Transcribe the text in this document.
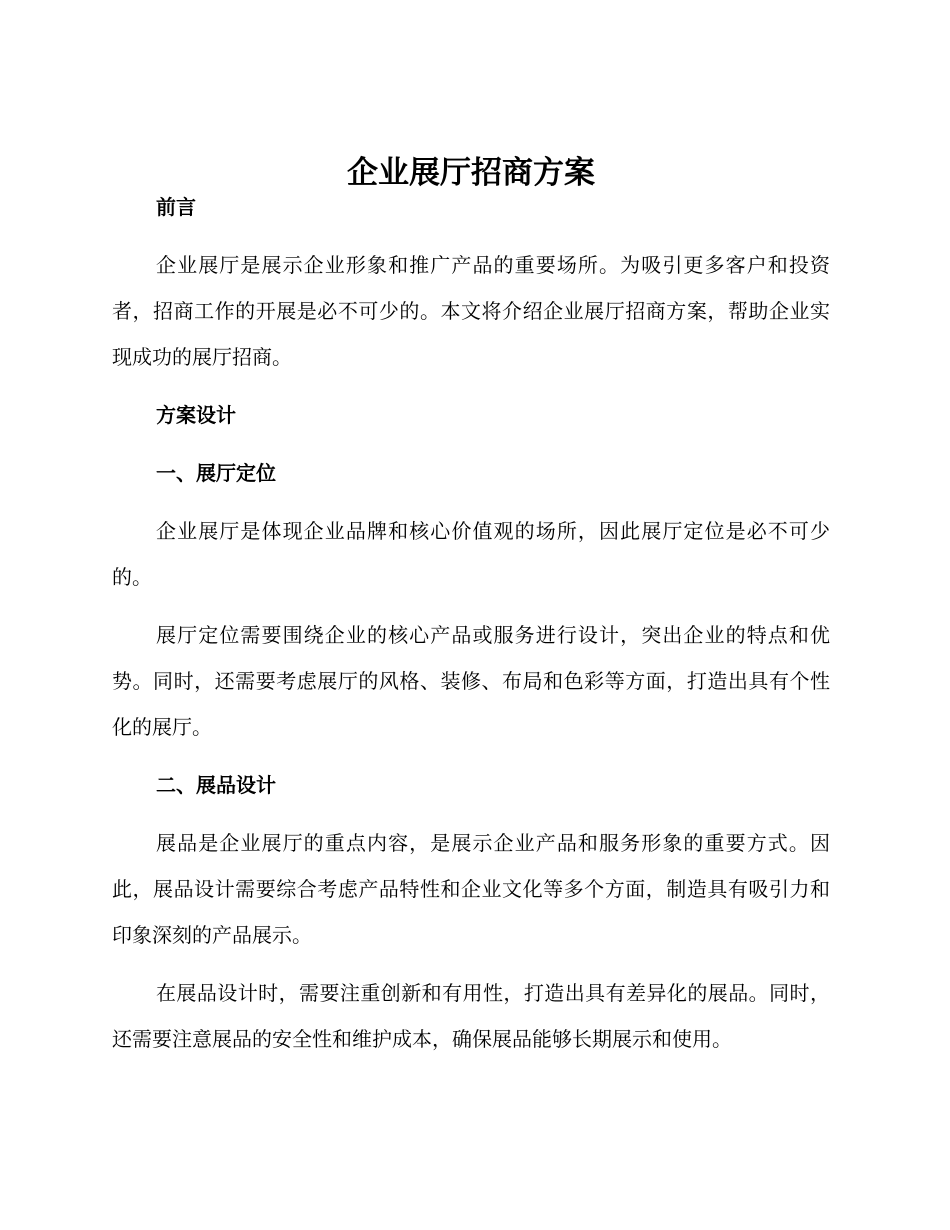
企业展厅招商方案
前言

企业展厅是展示企业形象和推广产品的重要场所。为吸引更多客户和投资者，招商工作的开展是必不可少的。本文将介绍企业展厅招商方案，帮助企业实现成功的展厅招商。

方案设计
一、展厅定位

企业展厅是体现企业品牌和核心价值观的场所，因此展厅定位是必不可少的。

展厅定位需要围绕企业的核心产品或服务进行设计，突出企业的特点和优势。同时，还需要考虑展厅的风格、装修、布局和色彩等方面，打造出具有个性化的展厅。

二、展品设计

展品是企业展厅的重点内容，是展示企业产品和服务形象的重要方式。因此，展品设计需要综合考虑产品特性和企业文化等多个方面，制造具有吸引力和印象深刻的产品展示。

在展品设计时，需要注重创新和有用性，打造出具有差异化的展品。同时，还需要注意展品的安全性和维护成本，确保展品能够长期展示和使用。
